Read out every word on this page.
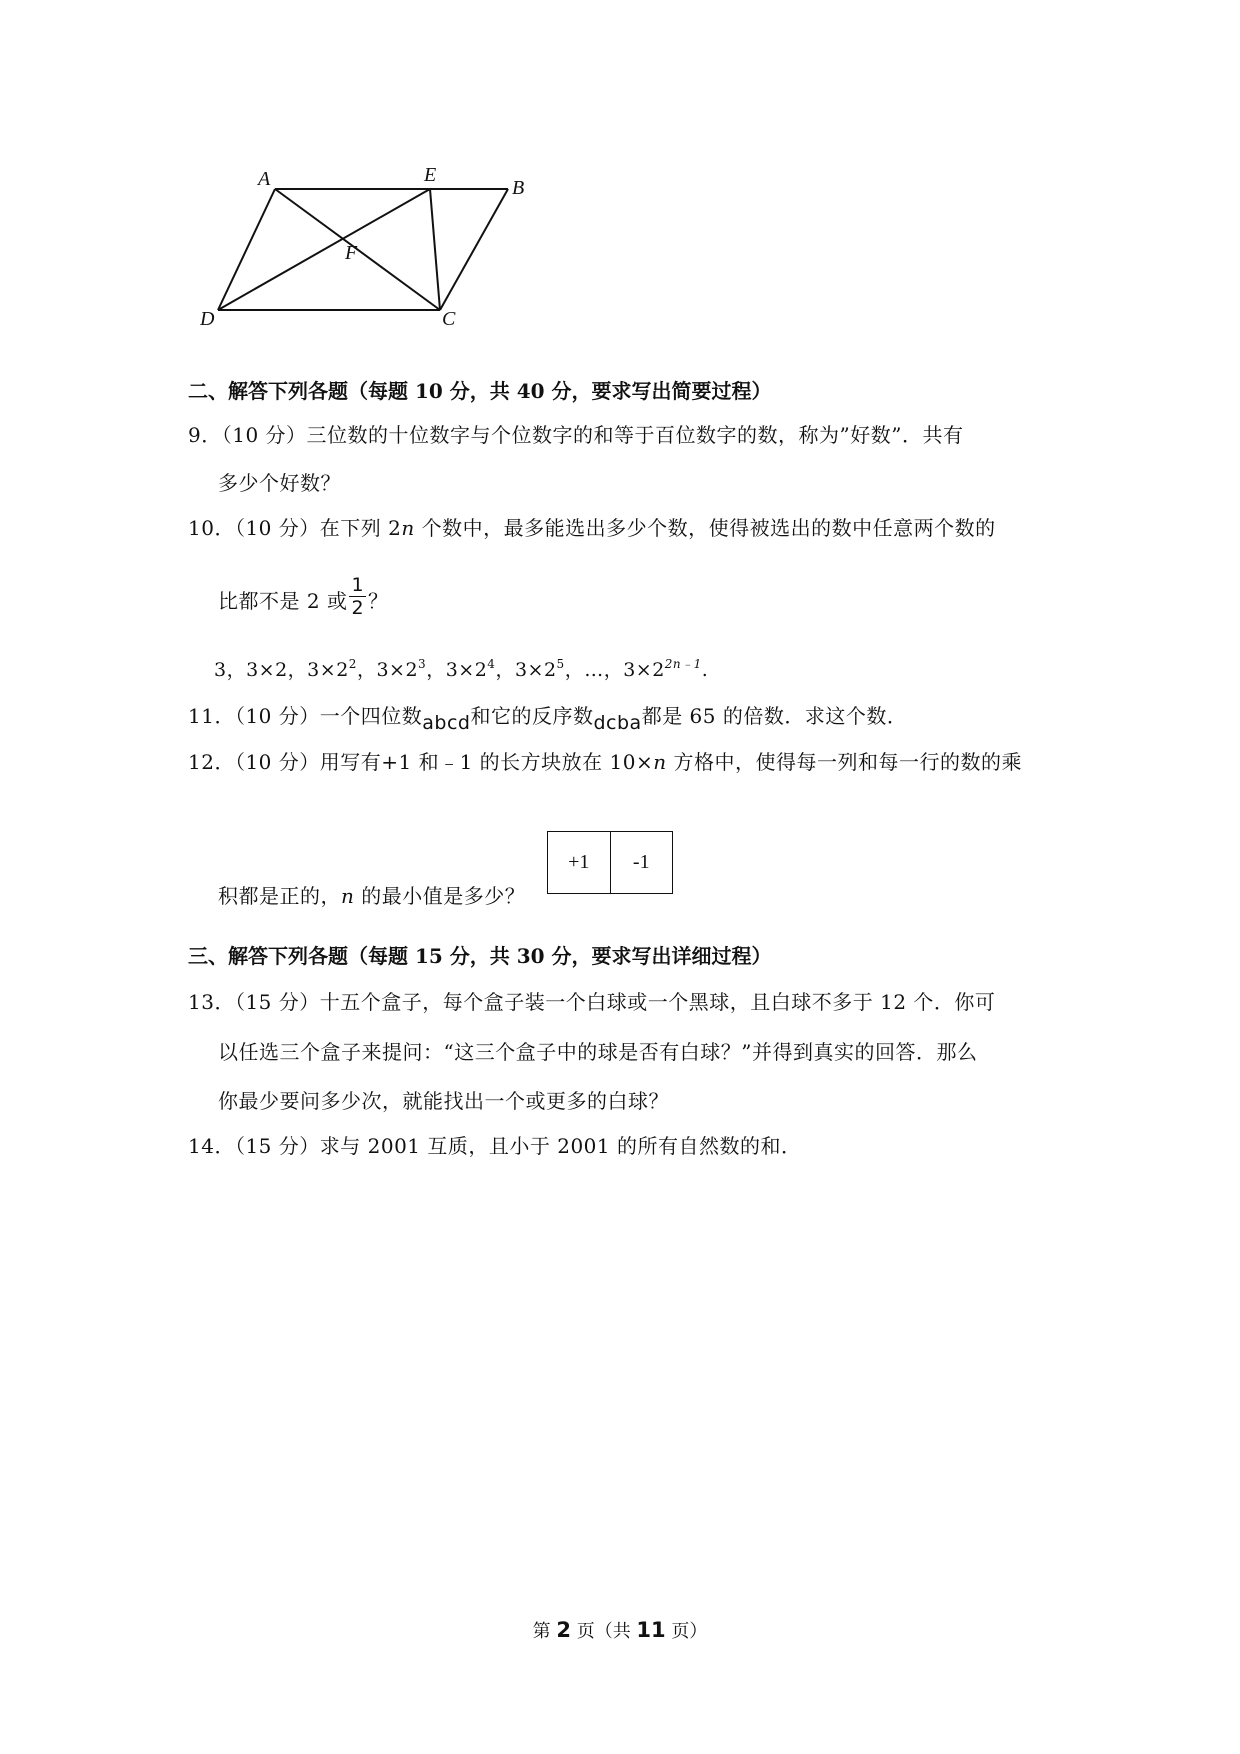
A	E
B
F
D	C
二、解答下列各题（每题 10 分，共 40 分，要求写出简要过程）
9．（10 分）三位数的十位数字与个位数字的和等于百位数字的数，称为”好数”．共有
多少个好数？
10．（10 分）在下列 2n 个数中，最多能选出多少个数，使得被选出的数中任意两个数的
比都不是 2 或 $\frac{1}{2}$ ？
3，3×2，$3\times 2^2$，$3\times 2^3$，$3\times 2^4$，$3\times 2^5$，…，$3\times 2^{2n﹣1}$.
11．（10 分）一个四位数abcd和它的反序数dcba都是 65 的倍数．求这个数．
12．（10 分）用写有+1 和﹣1 的长方块放在 10×n 方格中，使得每一列和每一行的数的乘
积都是正的，n 的最小值是多少？
+1	-1
三、解答下列各题（每题 15 分，共 30 分，要求写出详细过程）
13．（15 分）十五个盒子，每个盒子装一个白球或一个黑球，且白球不多于 12 个．你可
以任选三个盒子来提问：“这三个盒子中的球是否有白球？”并得到真实的回答．那么
你最少要问多少次，就能找出一个或更多的白球？
14．（15 分）求与 2001 互质，且小于 2001 的所有自然数的和．
第 2 页（共 11 页）
